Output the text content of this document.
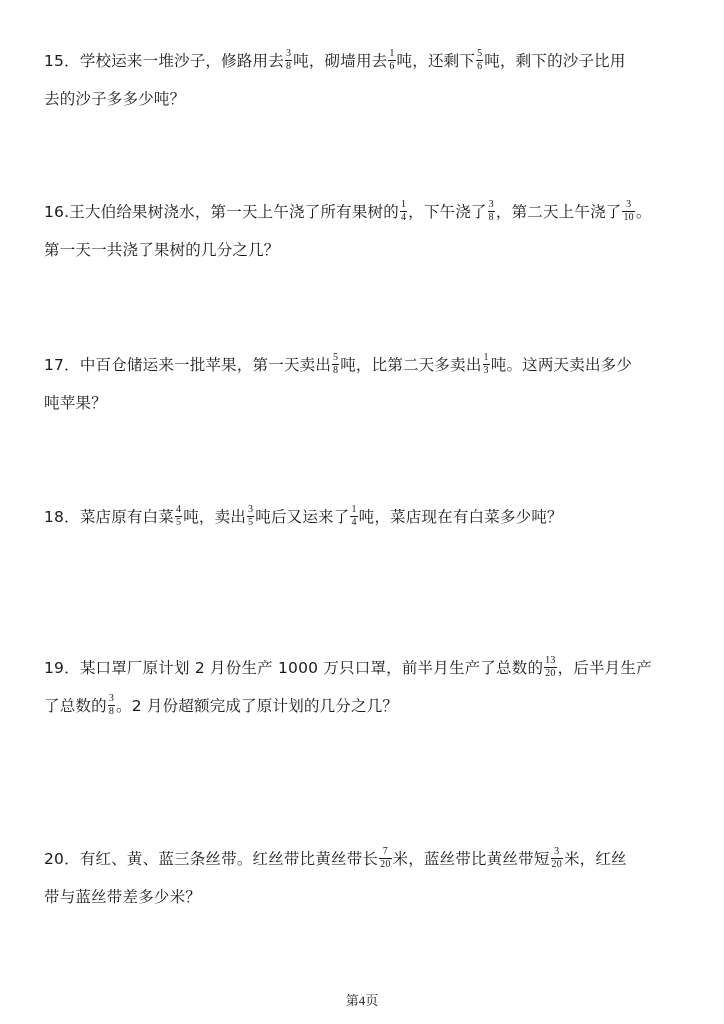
15．学校运来一堆沙子，修路用去 $\frac{3}{8}$ 吨，砌墙用去 $\frac{1}{6}$ 吨，还剩下 $\frac{5}{6}$ 吨，剩下的沙子比用
去的沙子多多少吨？
16.王大伯给果树浇水，第一天上午浇了所有果树的 $\frac{1}{4}$ ，下午浇了 $\frac{3}{8}$ ，第二天上午浇了 $\frac{3}{10}$ 。
第一天一共浇了果树的几分之几？
17．中百仓储运来一批苹果，第一天卖出 $\frac{5}{8}$ 吨，比第二天多卖出 $\frac{1}{3}$ 吨。这两天卖出多少
吨苹果？
18．菜店原有白菜 $\frac{4}{5}$ 吨，卖出 $\frac{3}{5}$ 吨后又运来了 $\frac{1}{4}$ 吨，菜店现在有白菜多少吨？
19．某口罩厂原计划 2 月份生产 1000 万只口罩，前半月生产了总数的 $\frac{13}{20}$ ，后半月生产
了总数的 $\frac{3}{8}$ 。2 月份超额完成了原计划的几分之几？
20．有红、黄、蓝三条丝带。红丝带比黄丝带长 $\frac{7}{20}$ 米，蓝丝带比黄丝带短 $\frac{3}{20}$ 米，红丝
带与蓝丝带差多少米？
第4页
